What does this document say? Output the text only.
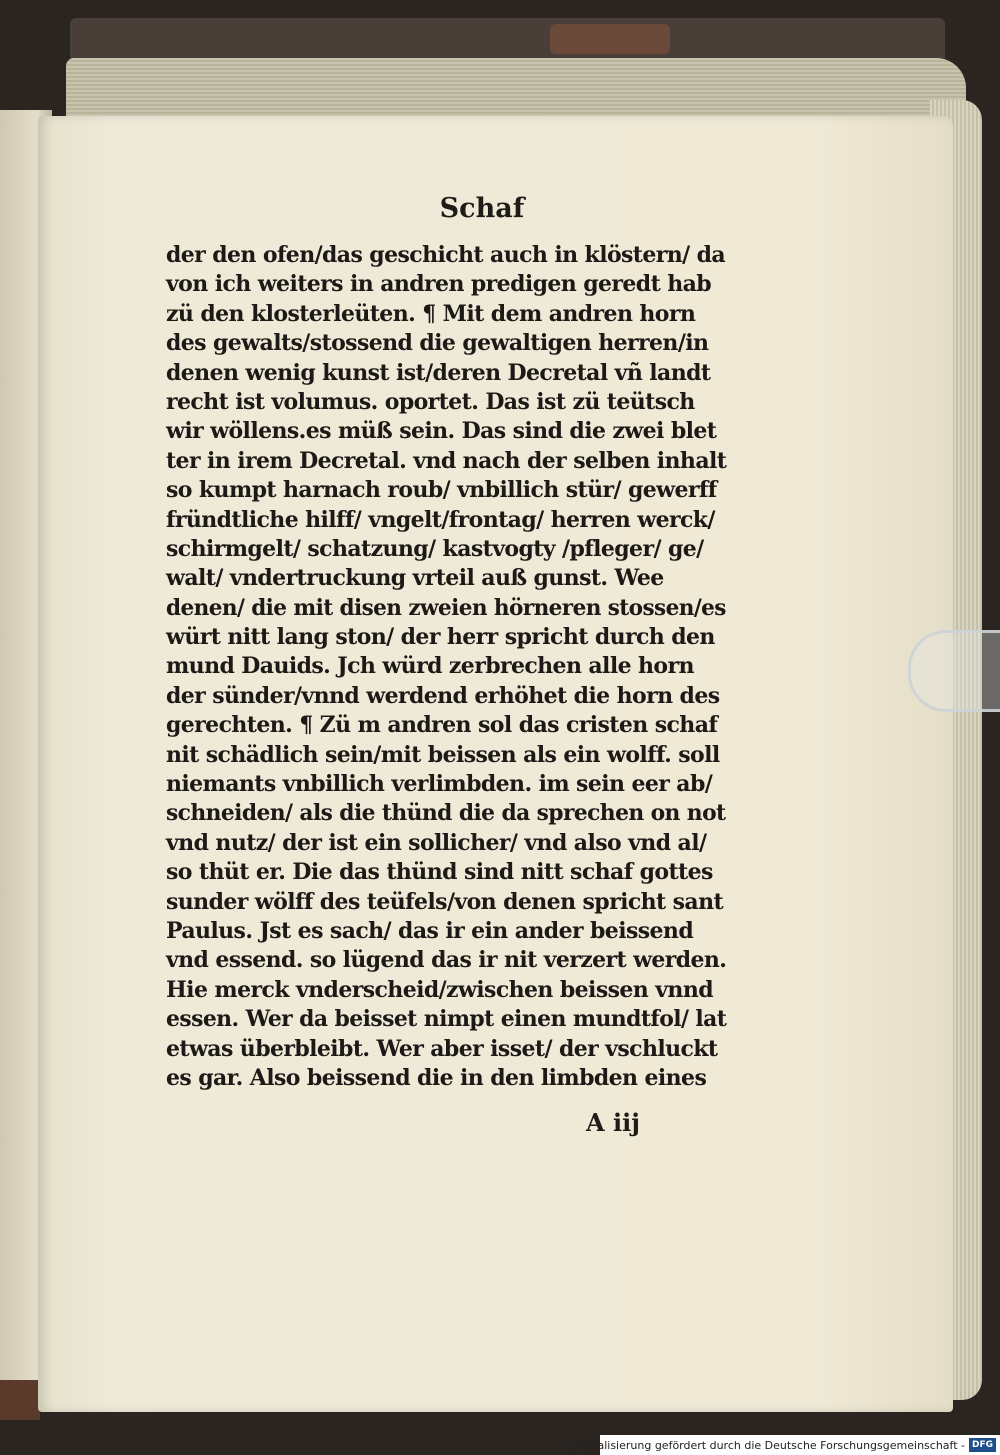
Schaf
der den ofen/das geschicht auch in klöstern/ da
von ich weiters in andren predigen geredt hab
zü den klosterleüten. ¶ Mit dem andren horn
des gewalts/stossend die gewaltigen herren/in
denen wenig kunst ist/deren Decretal vñ landt
recht ist volumus. oportet. Das ist zü teütsch
wir wöllens.es müß sein. Das sind die zwei blet
ter in irem Decretal. vnd nach der selben inhalt
so kumpt harnach roub/ vnbillich stür/ gewerff
fründtliche hilff/ vngelt/frontag/ herren werck/
schirmgelt/ schatzung/ kastvogty /pfleger/ ge/
walt/ vndertruckung vrteil auß gunst. Wee
denen/ die mit disen zweien hörneren stossen/es
würt nitt lang ston/ der herr spricht durch den
mund Dauids. Jch würd zerbrechen alle horn
der sünder/vnnd werdend erhöhet die horn des
gerechten. ¶ Zü m andren sol das cristen schaf
nit schädlich sein/mit beissen als ein wolff. soll
niemants vnbillich verlimbden. im sein eer ab/
schneiden/ als die thünd die da sprechen on not
vnd nutz/ der ist ein sollicher/ vnd also vnd al/
so thüt er. Die das thünd sind nitt schaf gottes
sunder wölff des teüfels/von denen spricht sant
Paulus. Jst es sach/ das ir ein ander beissend
vnd essend. so lügend das ir nit verzert werden.
Hie merck vnderscheid/zwischen beissen vnnd
essen. Wer da beisset nimpt einen mundtfol/ lat
etwas überbleibt. Wer aber isset/ der vschluckt
es gar. Also beissend die in den limbden eines
A iij
Digitalisierung gefördert durch die Deutsche Forschungsgemeinschaft - DFG
